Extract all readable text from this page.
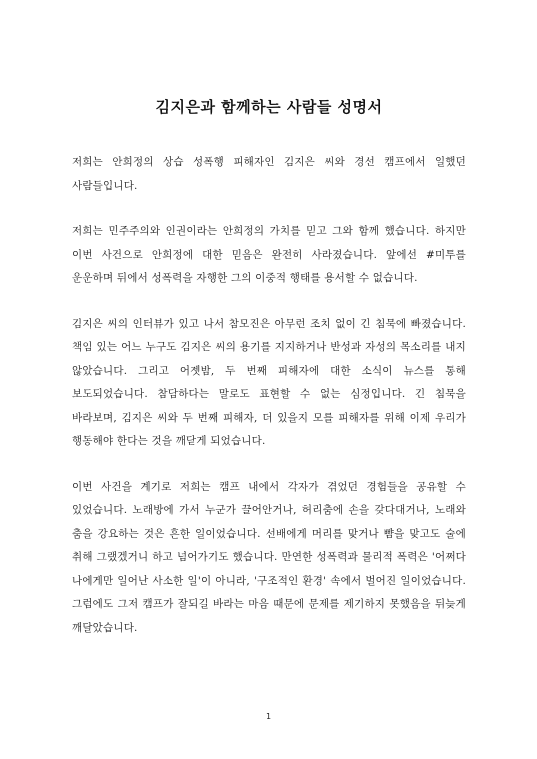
김지은과 함께하는 사람들 성명서

저희는 안희정의 상습 성폭행 피해자인 김지은 씨와 경선 캠프에서 일했던 사람들입니다.

저희는 민주주의와 인권이라는 안희정의 가치를 믿고 그와 함께 했습니다. 하지만 이번 사건으로 안희정에 대한 믿음은 완전히 사라졌습니다. 앞에선 #미투를 운운하며 뒤에서 성폭력을 자행한 그의 이중적 행태를 용서할 수 없습니다.

김지은 씨의 인터뷰가 있고 나서 참모진은 아무런 조치 없이 긴 침묵에 빠졌습니다. 책임 있는 어느 누구도 김지은 씨의 용기를 지지하거나 반성과 자성의 목소리를 내지 않았습니다. 그리고 어젯밤, 두 번째 피해자에 대한 소식이 뉴스를 통해 보도되었습니다. 참담하다는 말로도 표현할 수 없는 심정입니다. 긴 침묵을 바라보며, 김지은 씨와 두 번째 피해자, 더 있을지 모를 피해자를 위해 이제 우리가 행동해야 한다는 것을 깨닫게 되었습니다.

이번 사건을 계기로 저희는 캠프 내에서 각자가 겪었던 경험들을 공유할 수 있었습니다. 노래방에 가서 누군가 끌어안거나, 허리춤에 손을 갖다대거나, 노래와 춤을 강요하는 것은 흔한 일이었습니다. 선배에게 머리를 맞거나 뺨을 맞고도 술에 취해 그랬겠거니 하고 넘어가기도 했습니다. 만연한 성폭력과 물리적 폭력은 '어쩌다 나에게만 일어난 사소한 일'이 아니라, '구조적인 환경' 속에서 벌어진 일이었습니다. 그럼에도 그저 캠프가 잘되길 바라는 마음 때문에 문제를 제기하지 못했음을 뒤늦게 깨달았습니다.

1
